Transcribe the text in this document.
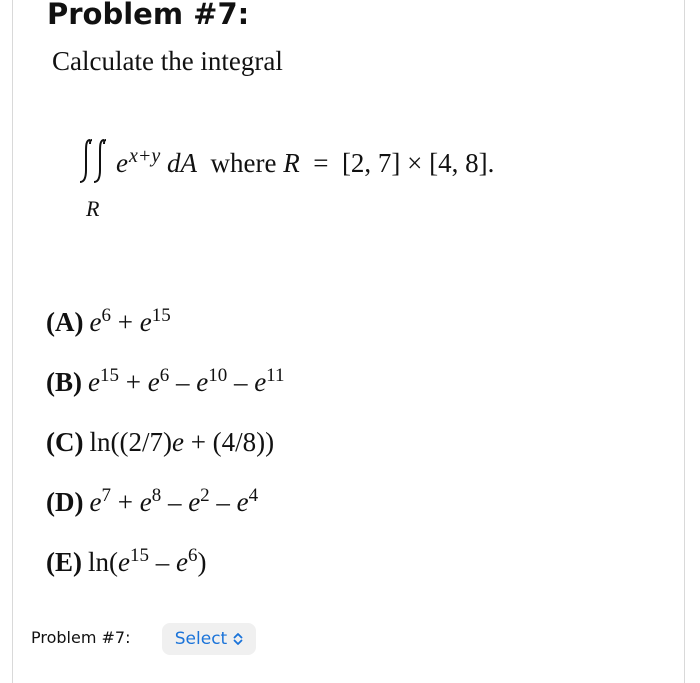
Problem #7:
Calculate the integral
R
$e^{x+y}$ dA where R = [2, 7] × [4, 8].
(A) $e^6 + e^{15}$
(B) $e^{15} + e^6 - e^{10} - e^{11}$
(C) ln((2/7)e + (4/8))
(D) $e^7 + e^8 - e^2 - e^4$
(E) $\ln(e^{15} - e^6)$
Problem #7:	Select
